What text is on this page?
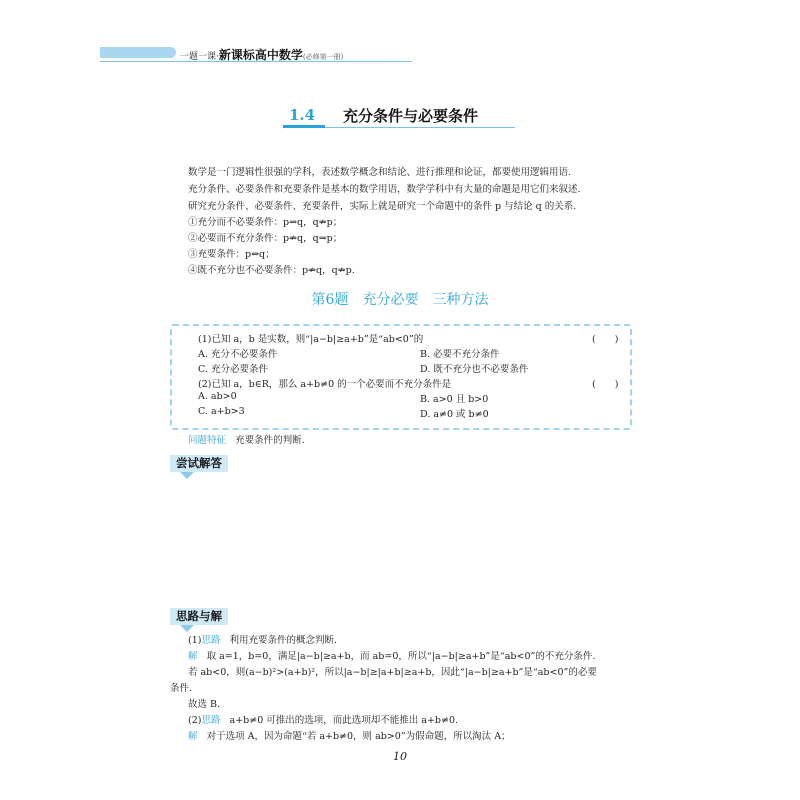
一题一课·新课标高中数学(必修第一册)
1.4 充分条件与必要条件
数学是一门逻辑性很强的学科，表述数学概念和结论、进行推理和论证，都要使用逻辑用语.
充分条件、必要条件和充要条件是基本的数学用语，数学学科中有大量的命题是用它们来叙述.
研究充分条件、必要条件、充要条件，实际上就是研究一个命题中的条件 p 与结论 q 的关系.
①充分而不必要条件：p⇒q，q⇏p；
②必要而不充分条件：p⇏q，q⇒p；
③充要条件：p⇔q；
④既不充分也不必要条件：p⇏q，q⇏p.
第6题　充分必要　三种方法
(1)已知 a，b 是实数，则“|a−b|≥a+b”是“ab<0”的	(　　)
A. 充分不必要条件	B. 必要不充分条件
C. 充分必要条件	D. 既不充分也不必要条件
(2)已知 a，b∈R，那么 a+b≠0 的一个必要而不充分条件是	(　　)
A. ab>0	B. a>0 且 b>0
C. a+b>3	D. a≠0 或 b≠0
问题特征 充要条件的判断.
尝试解答
思路与解
(1)思路 利用充要条件的概念判断.
解 取 a=1，b=0，满足|a−b|≥a+b，而 ab=0，所以“|a−b|≥a+b”是“ab<0”的不充分条件.
若 ab<0，则(a−b)²>(a+b)²，所以|a−b|≥|a+b|≥a+b，因此“|a−b|≥a+b”是“ab<0”的必要
条件.
故选 B.
(2)思路 a+b≠0 可推出的选项，而此选项却不能推出 a+b≠0.
解 对于选项 A，因为命题“若 a+b≠0，则 ab>0”为假命题，所以淘汰 A；
10
